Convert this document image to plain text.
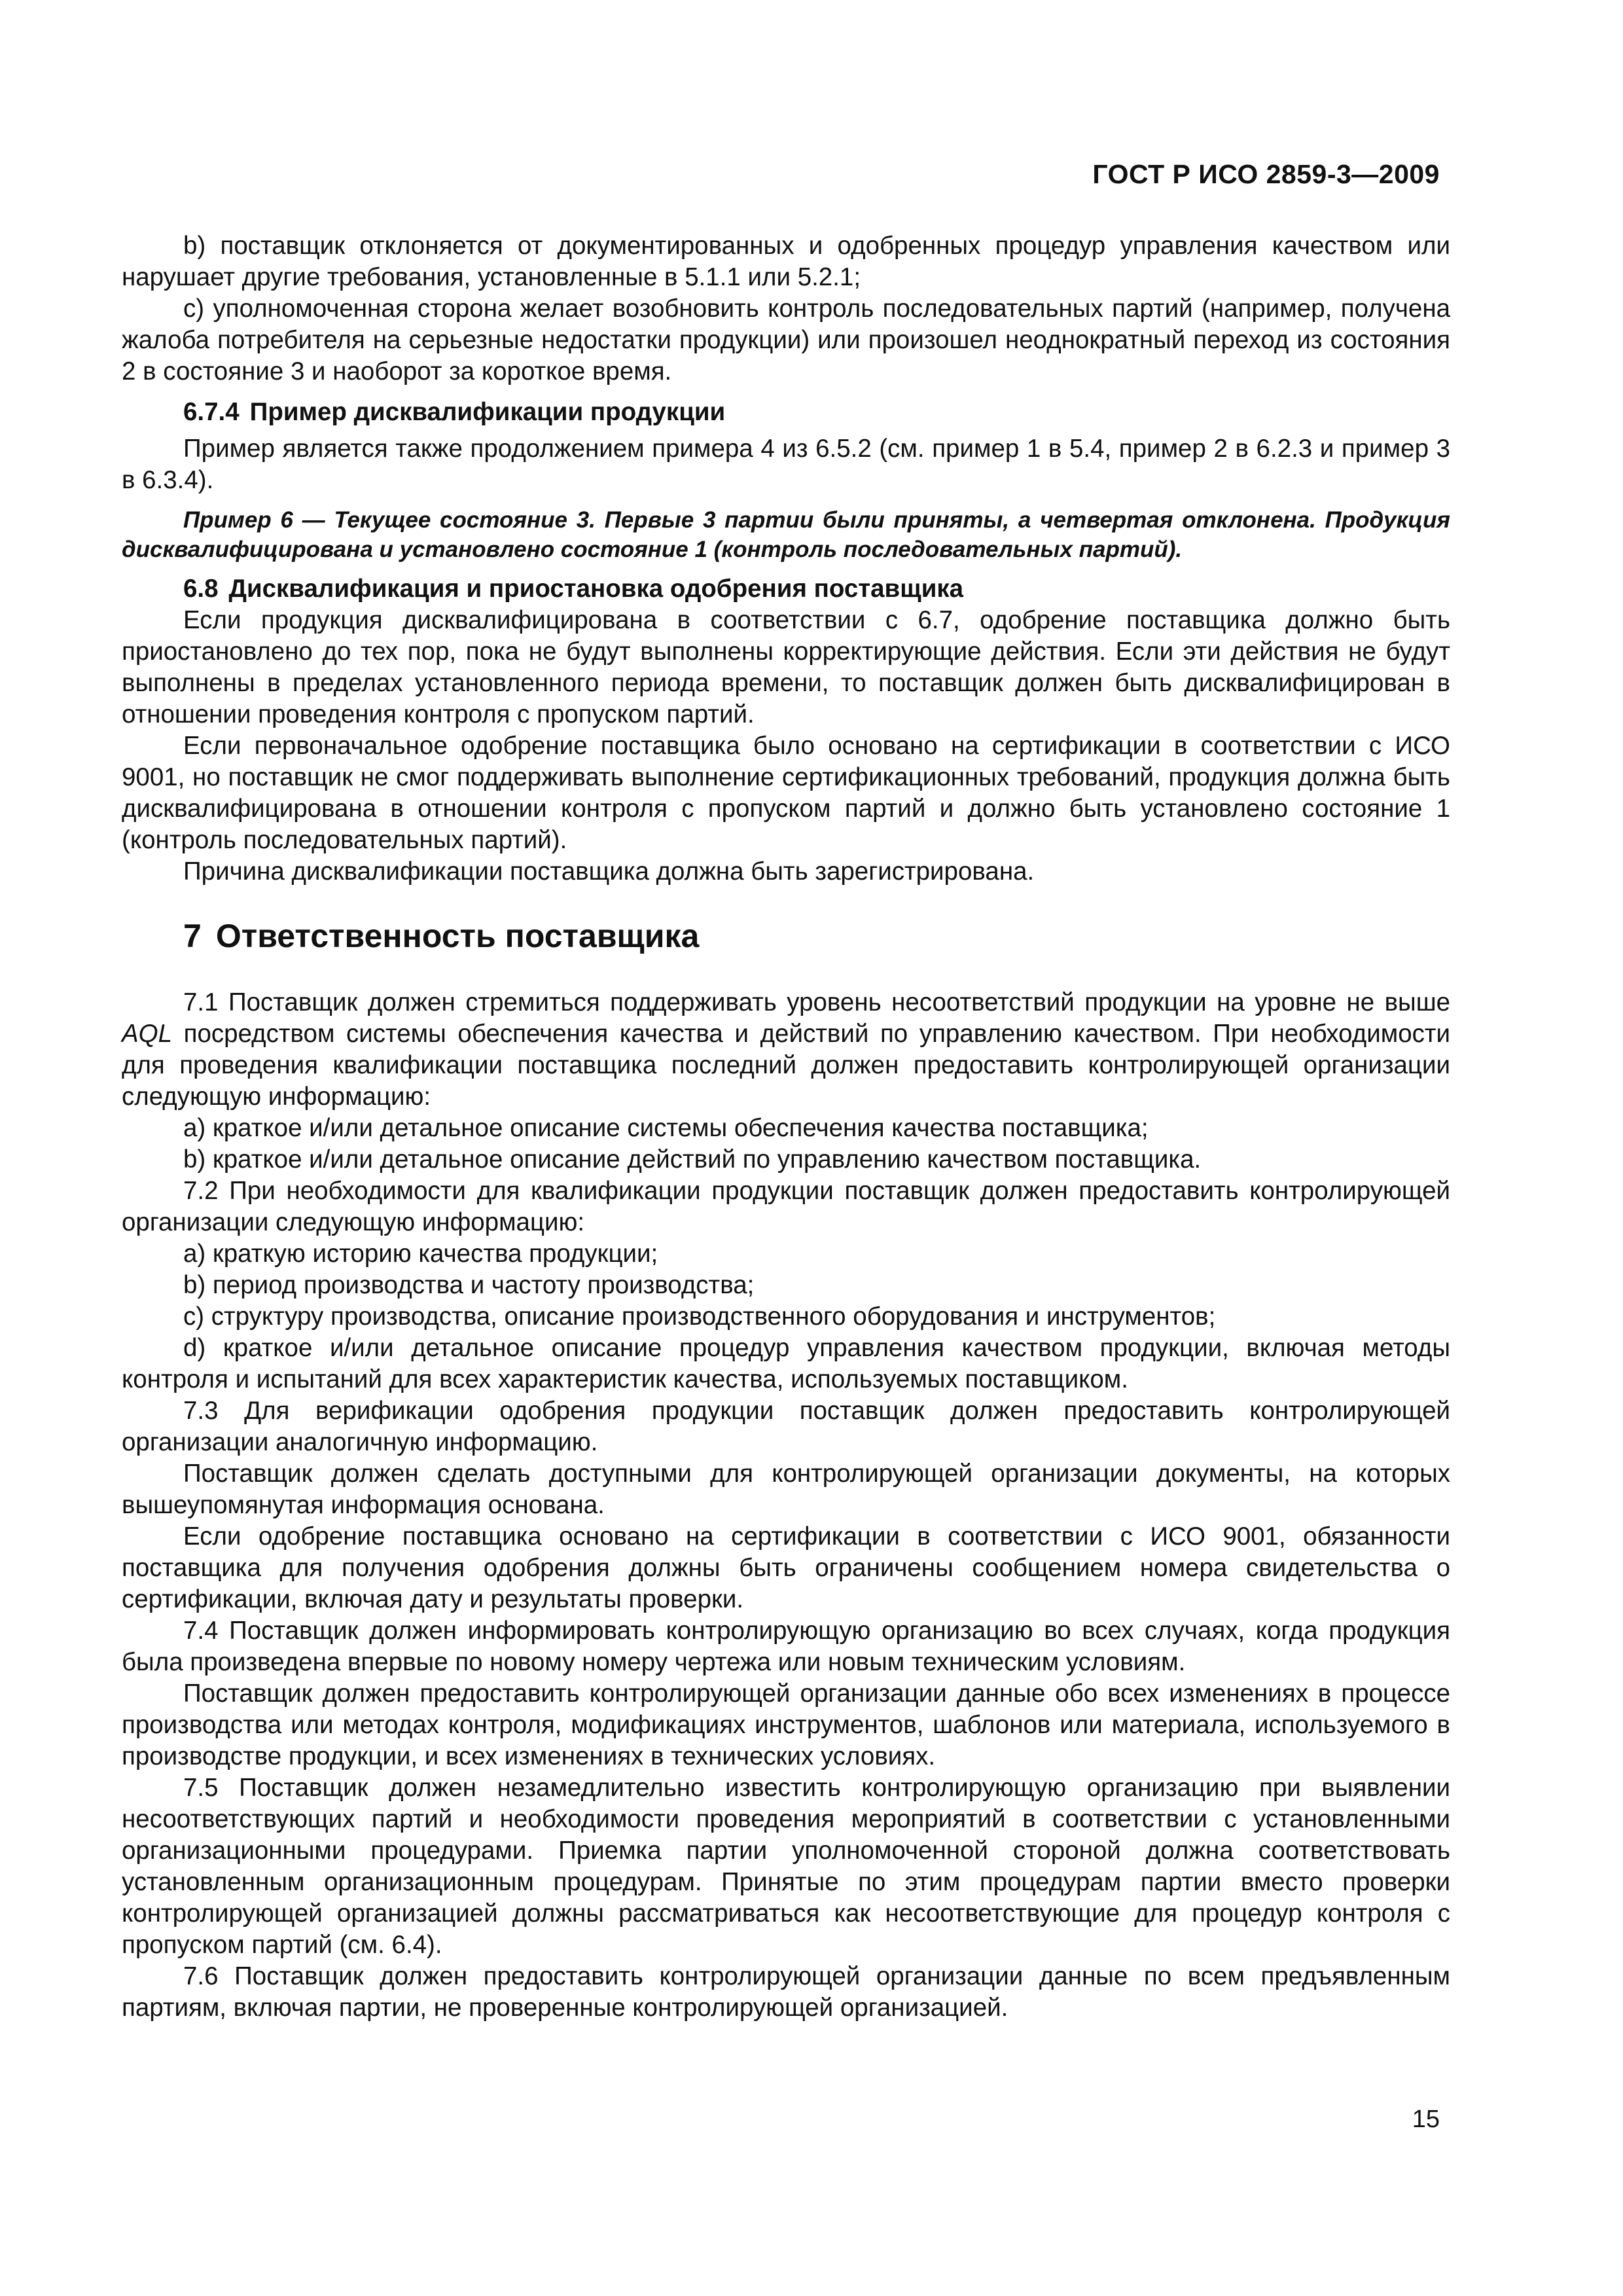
ГОСТ Р ИСО 2859-3—2009

b) поставщик отклоняется от документированных и одобренных процедур управления качеством или нарушает другие требования, установленные в 5.1.1 или 5.2.1;

c) уполномоченная сторона желает возобновить контроль последовательных партий (например, получена жалоба потребителя на серьезные недостатки продукции) или произошел неоднократный переход из состояния 2 в состояние 3 и наоборот за короткое время.

6.7.4 Пример дисквалификации продукции

Пример является также продолжением примера 4 из 6.5.2 (см. пример 1 в 5.4, пример 2 в 6.2.3 и пример 3 в 6.3.4).

Пример 6 — Текущее состояние 3. Первые 3 партии были приняты, а четвертая отклонена. Продукция дисквалифицирована и установлено состояние 1 (контроль последовательных партий).
6.8 Дисквалификация и приостановка одобрения поставщика

Если продукция дисквалифицирована в соответствии с 6.7, одобрение поставщика должно быть приостановлено до тех пор, пока не будут выполнены корректирующие действия. Если эти действия не будут выполнены в пределах установленного периода времени, то поставщик должен быть дисквалифицирован в отношении проведения контроля с пропуском партий.

Если первоначальное одобрение поставщика было основано на сертификации в соответствии с ИСО 9001, но поставщик не смог поддерживать выполнение сертификационных требований, продукция должна быть дисквалифицирована в отношении контроля с пропуском партий и должно быть установлено состояние 1 (контроль последовательных партий).

Причина дисквалификации поставщика должна быть зарегистрирована.

7 Ответственность поставщика

7.1 Поставщик должен стремиться поддерживать уровень несоответствий продукции на уровне не выше AQL посредством системы обеспечения качества и действий по управлению качеством. При необходимости для проведения квалификации поставщика последний должен предоставить контролирующей организации следующую информацию:

а) краткое и/или детальное описание системы обеспечения качества поставщика;

b) краткое и/или детальное описание действий по управлению качеством поставщика.

7.2 При необходимости для квалификации продукции поставщик должен предоставить контролирующей организации следующую информацию:

а) краткую историю качества продукции;

b) период производства и частоту производства;

c) структуру производства, описание производственного оборудования и инструментов;

d) краткое и/или детальное описание процедур управления качеством продукции, включая методы контроля и испытаний для всех характеристик качества, используемых поставщиком.

7.3 Для верификации одобрения продукции поставщик должен предоставить контролирующей организации аналогичную информацию.

Поставщик должен сделать доступными для контролирующей организации документы, на которых вышеупомянутая информация основана.

Если одобрение поставщика основано на сертификации в соответствии с ИСО 9001, обязанности поставщика для получения одобрения должны быть ограничены сообщением номера свидетельства о сертификации, включая дату и результаты проверки.

7.4 Поставщик должен информировать контролирующую организацию во всех случаях, когда продукция была произведена впервые по новому номеру чертежа или новым техническим условиям.

Поставщик должен предоставить контролирующей организации данные обо всех изменениях в процессе производства или методах контроля, модификациях инструментов, шаблонов или материала, используемого в производстве продукции, и всех изменениях в технических условиях.

7.5 Поставщик должен незамедлительно известить контролирующую организацию при выявлении несоответствующих партий и необходимости проведения мероприятий в соответствии с установленными организационными процедурами. Приемка партии уполномоченной стороной должна соответствовать установленным организационным процедурам. Принятые по этим процедурам партии вместо проверки контролирующей организацией должны рассматриваться как несоответствующие для процедур контроля с пропуском партий (см. 6.4).

7.6 Поставщик должен предоставить контролирующей организации данные по всем предъявленным партиям, включая партии, не проверенные контролирующей организацией.

15
